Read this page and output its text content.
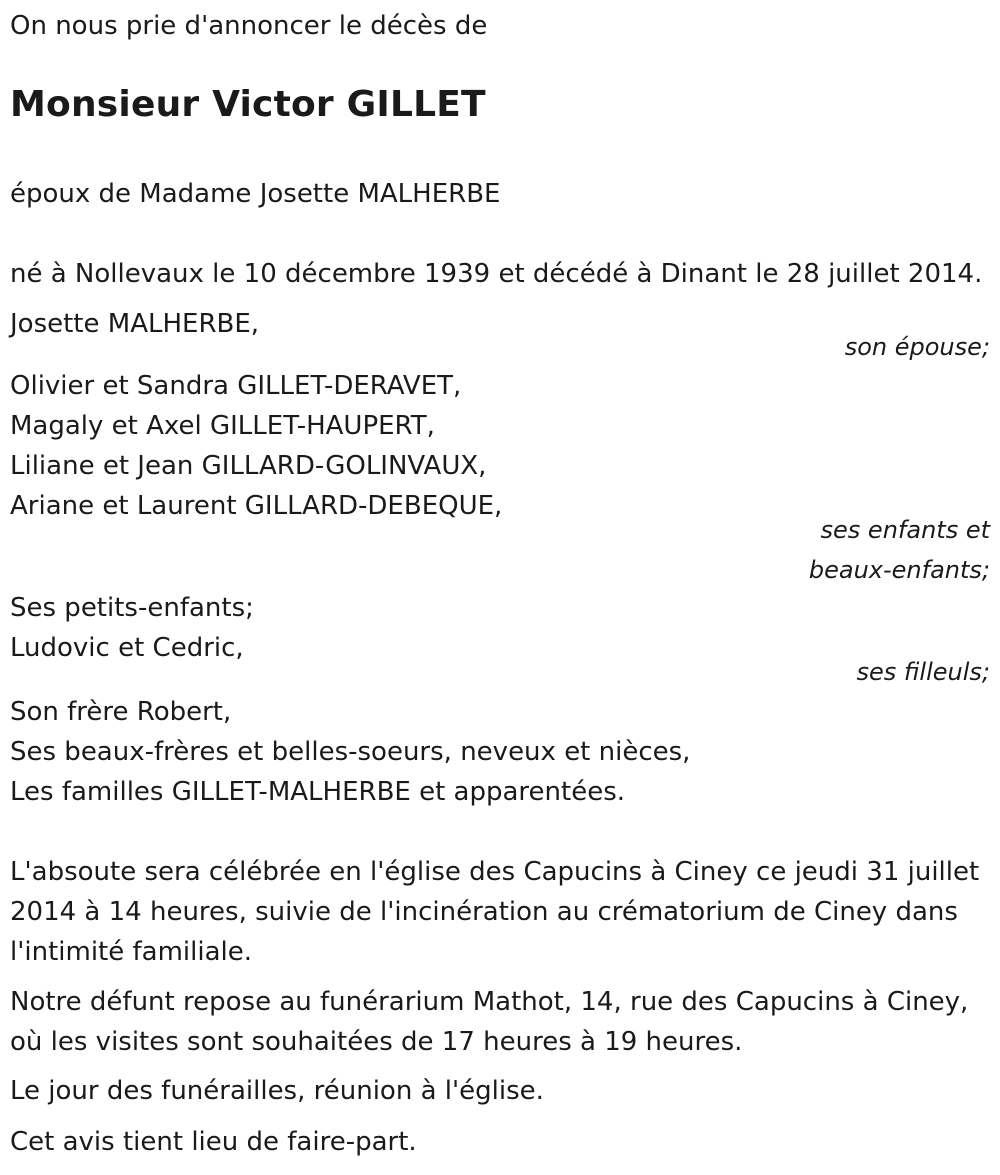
On nous prie d'annoncer le décès de
Monsieur Victor GILLET
époux de Madame Josette MALHERBE
né à Nollevaux le 10 décembre 1939 et décédé à Dinant le 28 juillet 2014.
Josette MALHERBE,
son épouse;
Olivier et Sandra GILLET-DERAVET,
Magaly et Axel GILLET-HAUPERT,
Liliane et Jean GILLARD-GOLINVAUX,
Ariane et Laurent GILLARD-DEBEQUE,
ses enfants et
beaux-enfants;
Ses petits-enfants;
Ludovic et Cedric,
ses filleuls;
Son frère Robert,
Ses beaux-frères et belles-soeurs, neveux et nièces,
Les familles GILLET-MALHERBE et apparentées.
L'absoute sera célébrée en l'église des Capucins à Ciney ce jeudi 31 juillet
2014 à 14 heures, suivie de l'incinération au crématorium de Ciney dans
l'intimité familiale.
Notre défunt repose au funérarium Mathot, 14, rue des Capucins à Ciney,
où les visites sont souhaitées de 17 heures à 19 heures.
Le jour des funérailles, réunion à l'église.
Cet avis tient lieu de faire-part.
